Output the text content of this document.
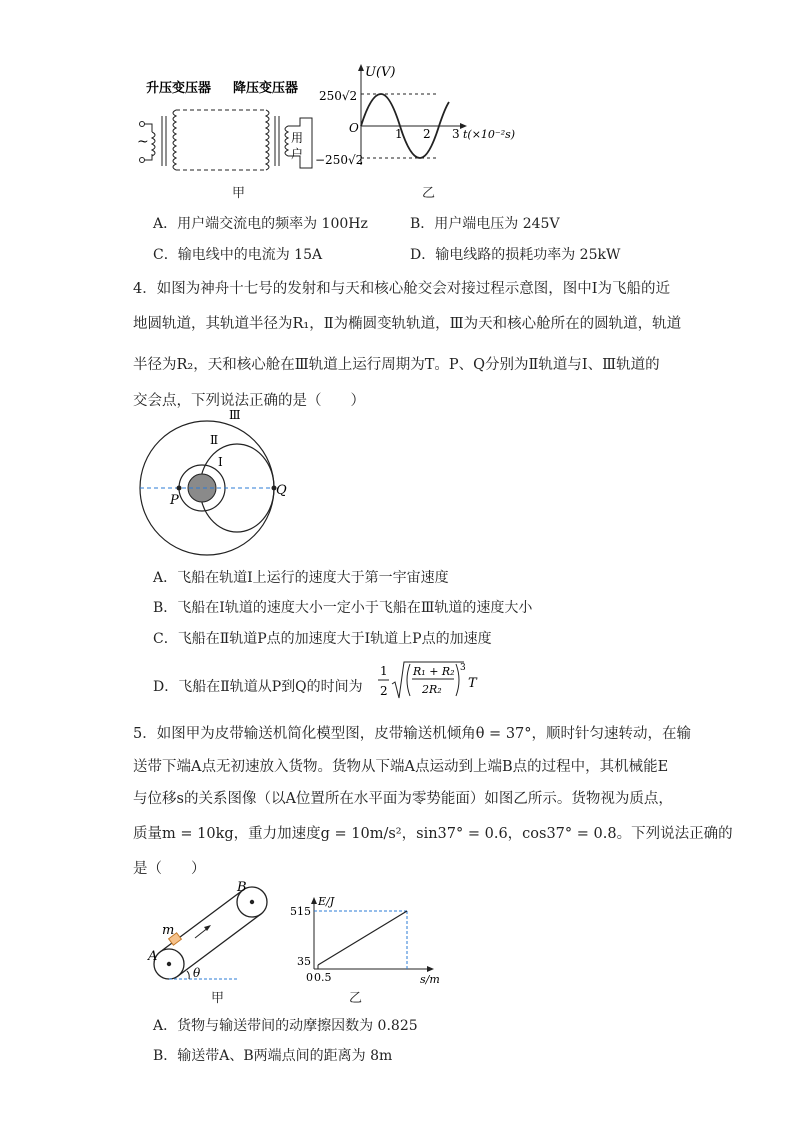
升压变压器 降压变压器
~	用
户
U(V)
250√2
−250√2
O	1 2 3 t(×10⁻²s)
甲	乙
A．用户端交流电的频率为 100Hz	B．用户端电压为 245V
C．输电线中的电流为 15A	D．输电线路的损耗功率为 25kW
4．如图为神舟十七号的发射和与天和核心舱交会对接过程示意图，图中Ⅰ为飞船的近
地圆轨道，其轨道半径为R₁，Ⅱ为椭圆变轨轨道，Ⅲ为天和核心舱所在的圆轨道，轨道
半径为R₂，天和核心舱在Ⅲ轨道上运行周期为T。P、Q分别为Ⅱ轨道与Ⅰ、Ⅲ轨道的
交会点，下列说法正确的是（　　）
Ⅲ
Ⅱ
Ⅰ
P
Q
A．飞船在轨道Ⅰ上运行的速度大于第一宇宙速度
B．飞船在Ⅰ轨道的速度大小一定小于飞船在Ⅲ轨道的速度大小
C．飞船在Ⅱ轨道P点的加速度大于Ⅰ轨道上P点的加速度
D．飞船在Ⅱ轨道从P到Q的时间为
1
2
R₁ + R₂
2R₂
3
T
5．如图甲为皮带输送机简化模型图，皮带输送机倾角θ = 37°，顺时针匀速转动，在输
送带下端A点无初速放入货物。货物从下端A点运动到上端B点的过程中，其机械能E
与位移s的关系图像（以A位置所在水平面为零势能面）如图乙所示。货物视为质点，
质量m = 10kg，重力加速度g = 10m/s²，sin37° = 0.6，cos37° = 0.8。下列说法正确的
是（　　）
A
B
m
θ
E/J
515
35
0 0.5	s/m
甲	乙
A．货物与输送带间的动摩擦因数为 0.825
B．输送带A、B两端点间的距离为 8m
